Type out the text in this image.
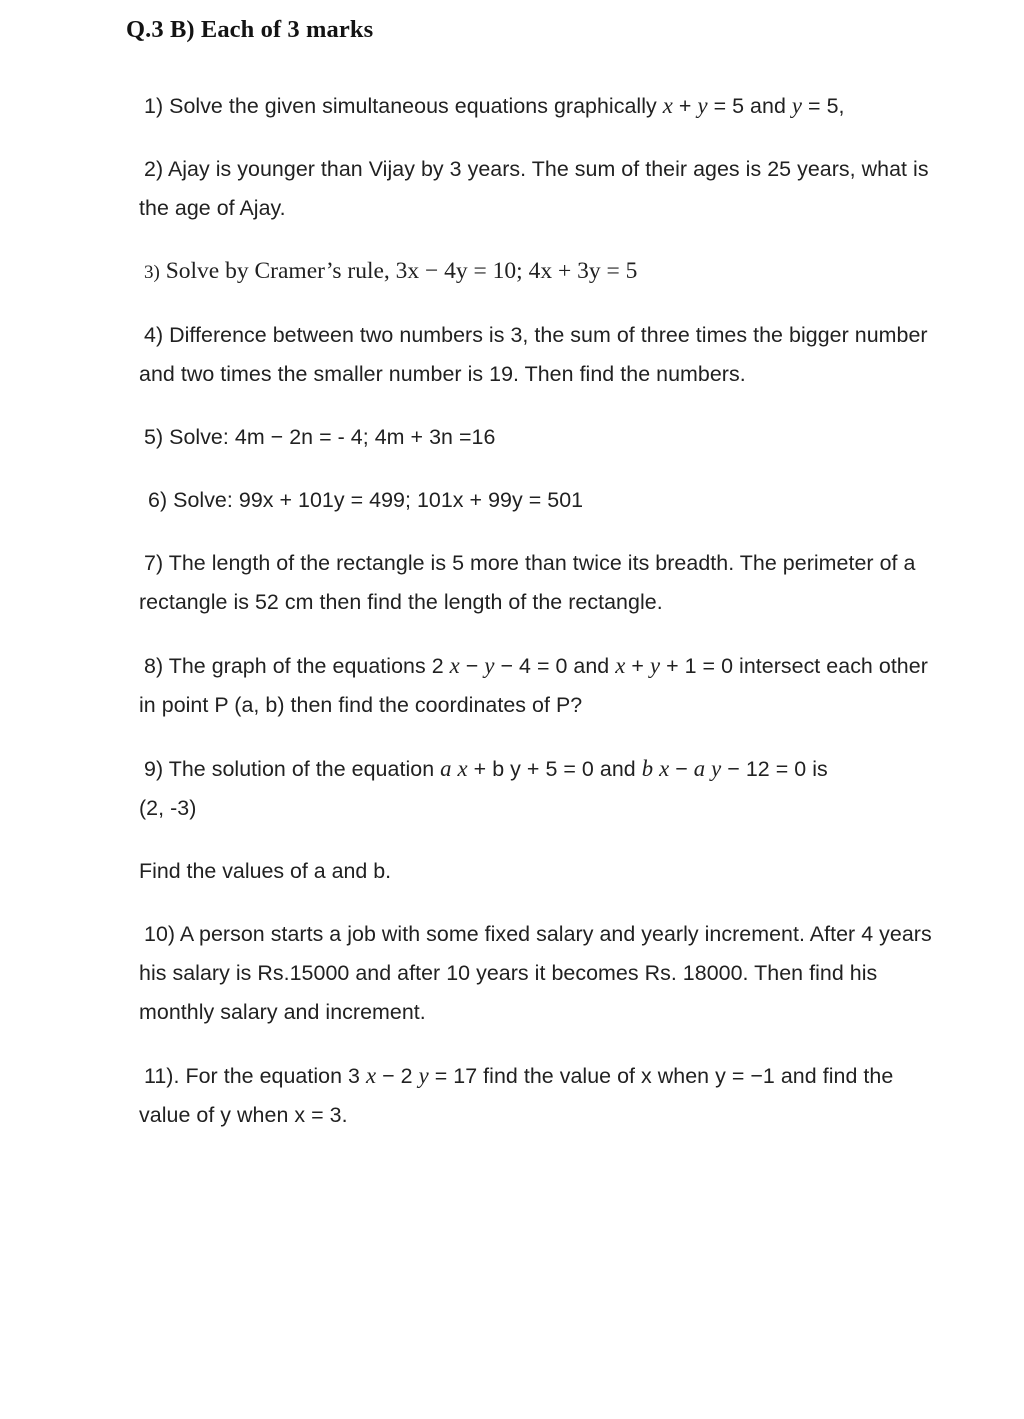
Q.3 B) Each of 3 marks
1) Solve the given simultaneous equations graphically x + y = 5 and y = 5,
2) Ajay is younger than Vijay by 3 years. The sum of their ages is 25 years, what is the age of Ajay.
3) Solve by Cramer’s rule, 3x − 4y = 10; 4x + 3y = 5
4) Difference between two numbers is 3, the sum of three times the bigger number and two times the smaller number is 19. Then find the numbers.
5) Solve: 4m − 2n = - 4; 4m + 3n =16
6) Solve: 99x + 101y = 499; 101x + 99y = 501
7) The length of the rectangle is 5 more than twice its breadth. The perimeter of a rectangle is 52 cm then find the length of the rectangle.
8) The graph of the equations 2 x − y − 4 = 0 and x + y + 1 = 0 intersect each other in point P (a, b) then find the coordinates of P?
9) The solution of the equation a x + b y + 5 = 0 and b x − a y − 12 = 0 is
(2, -3)
Find the values of a and b.
10) A person starts a job with some fixed salary and yearly increment. After 4 years his salary is Rs.15000 and after 10 years it becomes Rs. 18000. Then find his monthly salary and increment.
11). For the equation 3 x − 2 y = 17 find the value of x when y = −1 and find the value of y when x = 3.
